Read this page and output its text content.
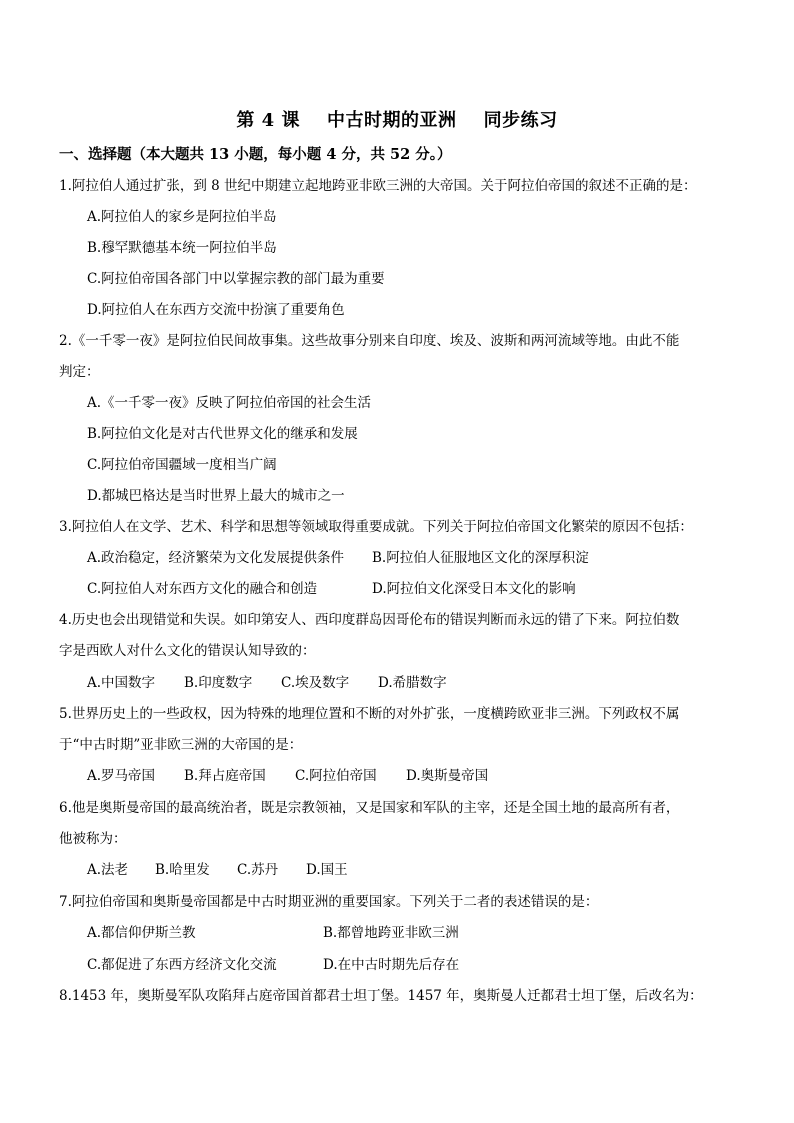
第 4 课    中古时期的亚洲    同步练习
一、选择题（本大题共 13 小题，每小题 4 分，共 52 分。）
1.阿拉伯人通过扩张，到 8 世纪中期建立起地跨亚非欧三洲的大帝国。关于阿拉伯帝国的叙述不正确的是：
A.阿拉伯人的家乡是阿拉伯半岛
B.穆罕默德基本统一阿拉伯半岛
C.阿拉伯帝国各部门中以掌握宗教的部门最为重要
D.阿拉伯人在东西方交流中扮演了重要角色
2.《一千零一夜》是阿拉伯民间故事集。这些故事分别来自印度、埃及、波斯和两河流域等地。由此不能
判定：
A.《一千零一夜》反映了阿拉伯帝国的社会生活
B.阿拉伯文化是对古代世界文化的继承和发展
C.阿拉伯帝国疆域一度相当广阔
D.都城巴格达是当时世界上最大的城市之一
3.阿拉伯人在文学、艺术、科学和思想等领域取得重要成就。下列关于阿拉伯帝国文化繁荣的原因不包括：
A.政治稳定，经济繁荣为文化发展提供条件 B.阿拉伯人征服地区文化的深厚积淀
C.阿拉伯人对东西方文化的融合和创造	D.阿拉伯文化深受日本文化的影响
4.历史也会出现错觉和失误。如印第安人、西印度群岛因哥伦布的错误判断而永远的错了下来。阿拉伯数
字是西欧人对什么文化的错误认知导致的：
A.中国数字 B.印度数字 C.埃及数字 D.希腊数字
5.世界历史上的一些政权，因为特殊的地理位置和不断的对外扩张，一度横跨欧亚非三洲。下列政权不属
于“中古时期”亚非欧三洲的大帝国的是：
A.罗马帝国 B.拜占庭帝国 C.阿拉伯帝国 D.奥斯曼帝国
6.他是奥斯曼帝国的最高统治者，既是宗教领袖，又是国家和军队的主宰，还是全国土地的最高所有者，
他被称为：
A.法老 B.哈里发 C.苏丹 D.国王
7.阿拉伯帝国和奥斯曼帝国都是中古时期亚洲的重要国家。下列关于二者的表述错误的是：
A.都信仰伊斯兰教	B.都曾地跨亚非欧三洲
C.都促进了东西方经济文化交流	D.在中古时期先后存在
8.1453 年，奥斯曼军队攻陷拜占庭帝国首都君士坦丁堡。1457 年，奥斯曼人迁都君士坦丁堡，后改名为：
